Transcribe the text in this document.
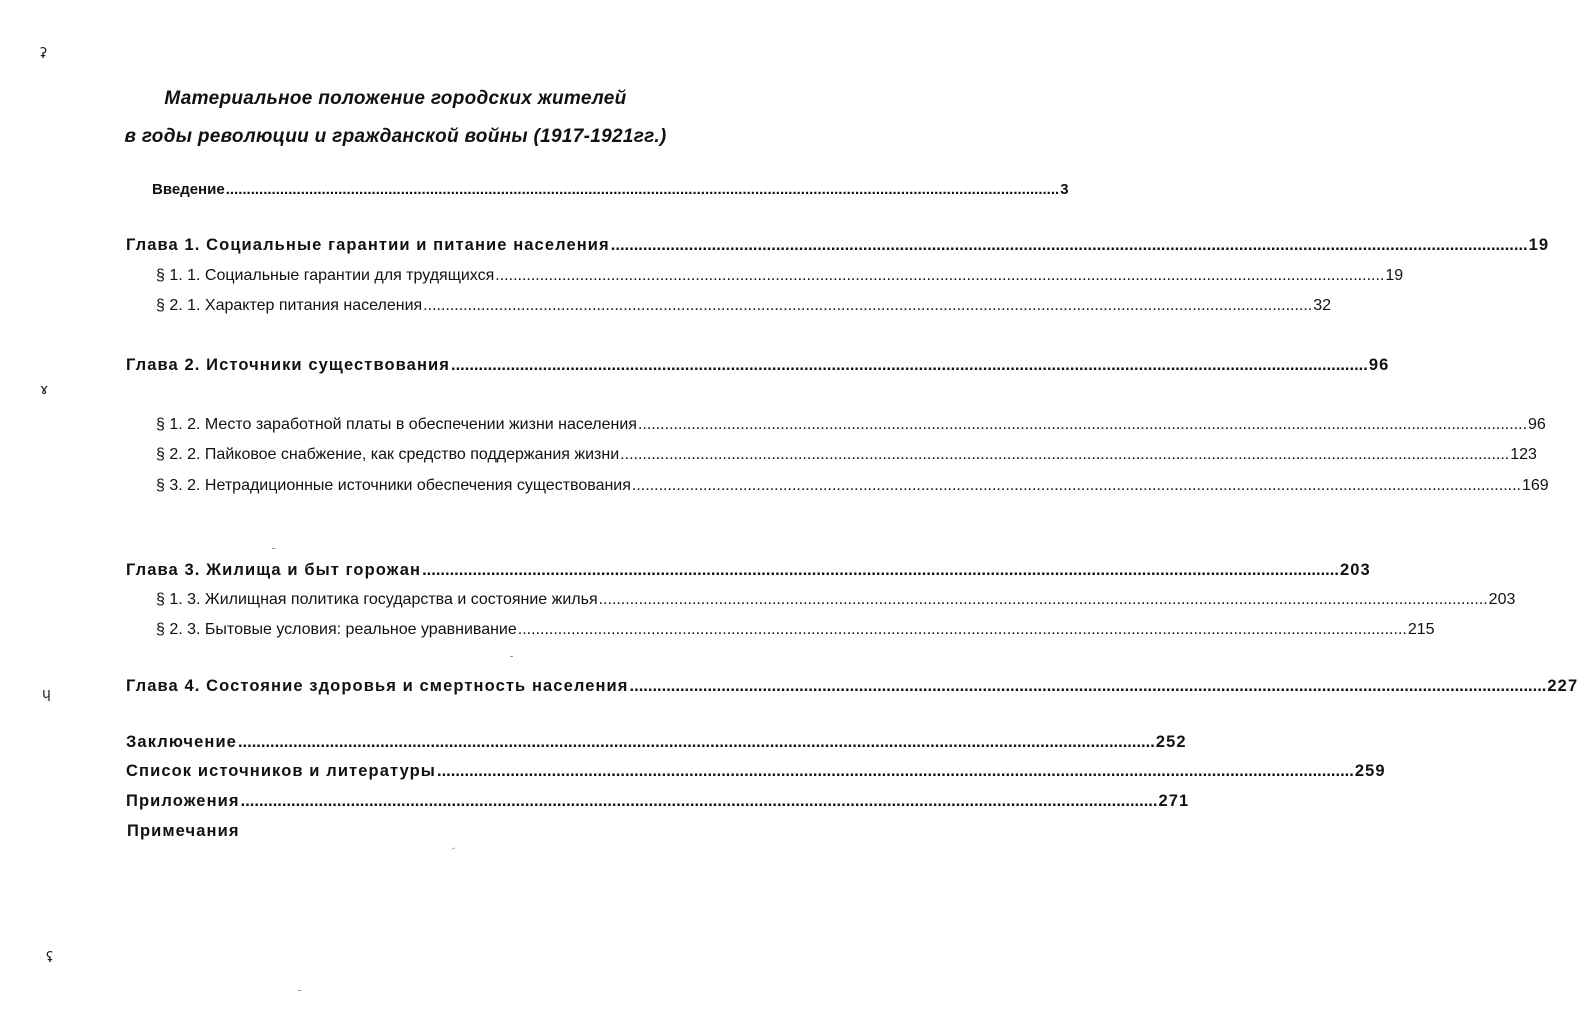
ʡ
ɤ
ɥ
ʢ
Материальное положение городских жителей
в годы революции и гражданской войны (1917-1921гг.)
Введение ........................................................................................................................................................................................................ 3
Глава 1. Социальные гарантии и питание населения ........................................................................................................................................................................................................ 19
§ 1. 1. Социальные гарантии для трудящихся ........................................................................................................................................................................................................ 19
§ 2. 1. Характер питания населения ........................................................................................................................................................................................................ 32
Глава 2. Источники существования ........................................................................................................................................................................................................ 96
§ 1. 2. Место заработной платы в обеспечении жизни населения ........................................................................................................................................................................................................ 96
§ 2. 2. Пайковое снабжение, как средство поддержания жизни ........................................................................................................................................................................................................ 123
§ 3. 2. Нетрадиционные источники обеспечения существования ........................................................................................................................................................................................................ 169
Глава 3. Жилища и быт горожан ........................................................................................................................................................................................................ 203
§ 1. 3. Жилищная политика государства и состояние жилья ........................................................................................................................................................................................................ 203
§ 2. 3. Бытовые условия: реальное уравнивание ........................................................................................................................................................................................................ 215
Глава 4. Состояние здоровья и смертность населения ........................................................................................................................................................................................................ 227
Заключение ........................................................................................................................................................................................................ 252
Список источников и литературы ........................................................................................................................................................................................................ 259
Приложения ........................................................................................................................................................................................................ 271
Примечания
